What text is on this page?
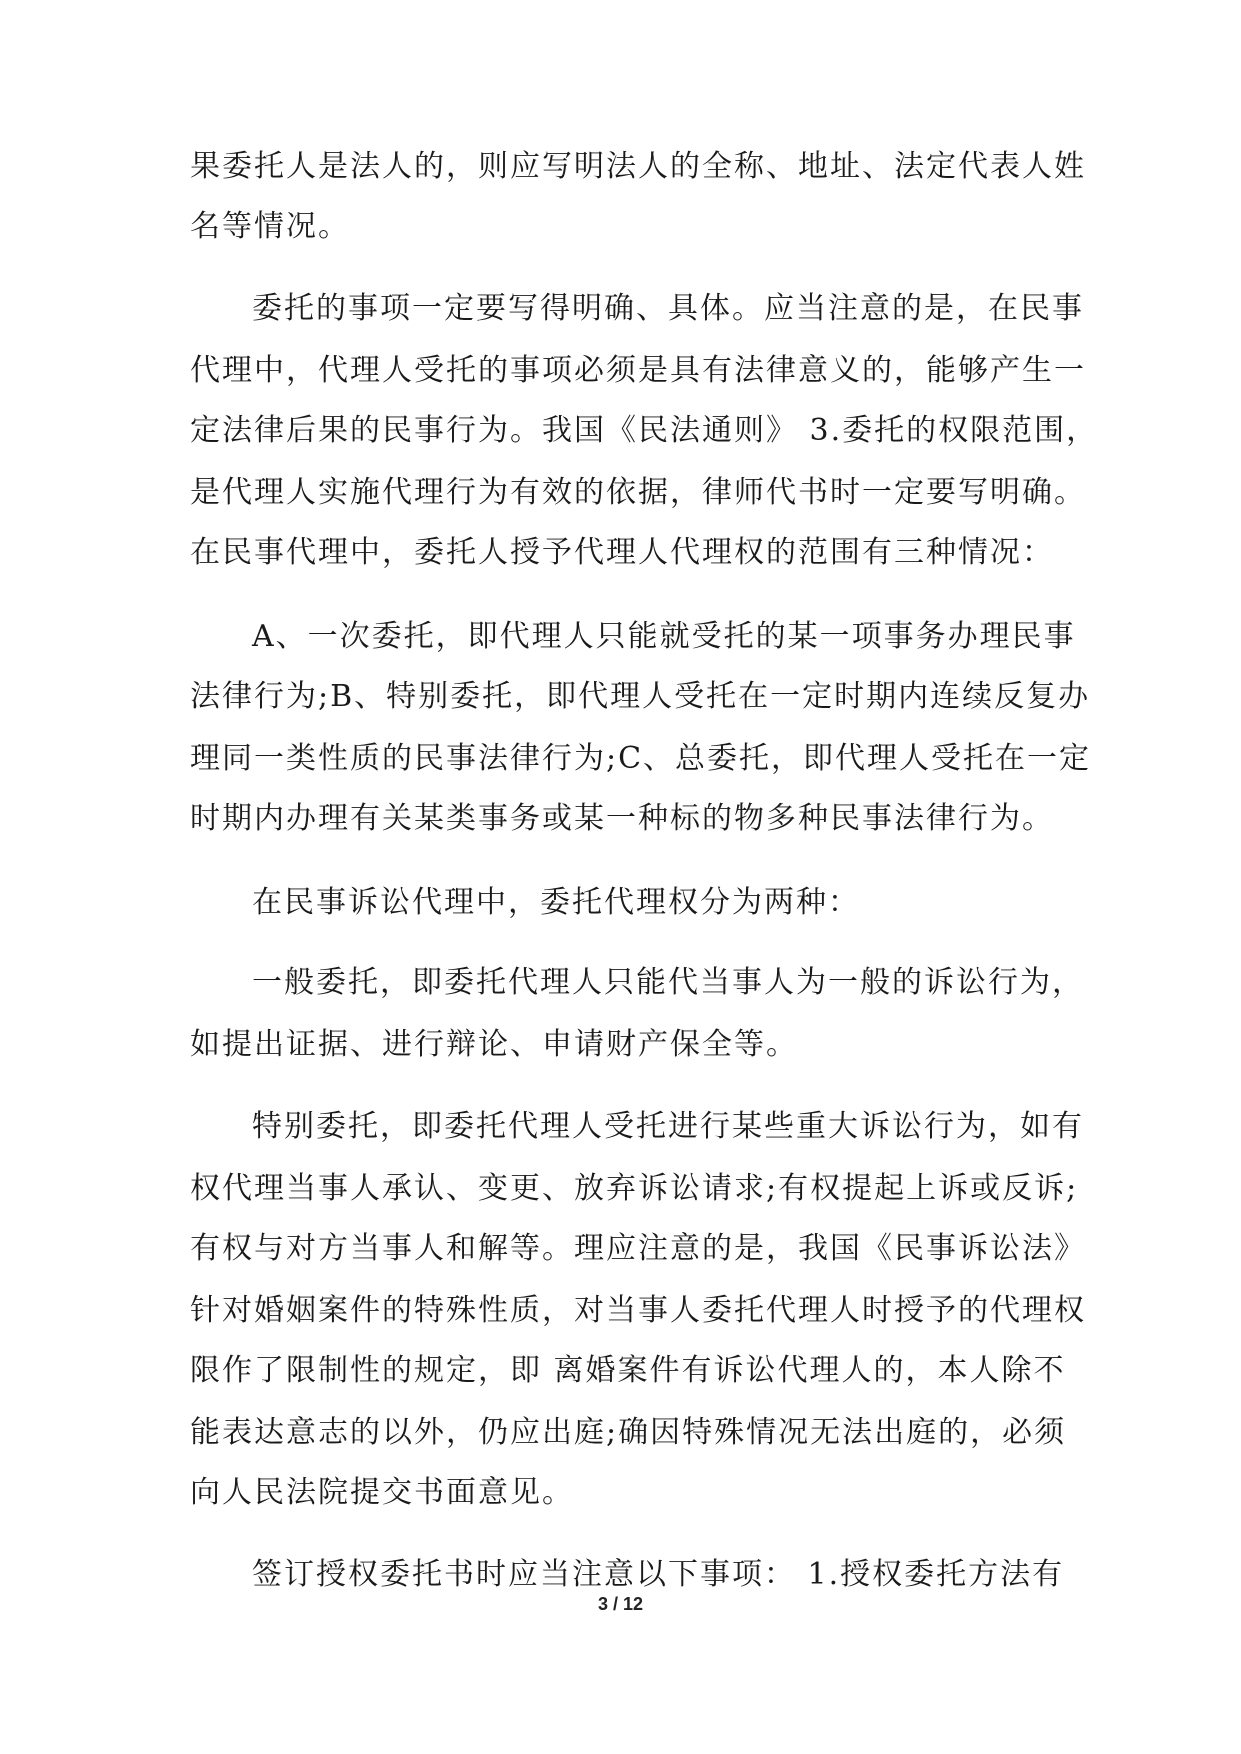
果委托人是法人的，则应写明法人的全称、地址、法定代表人姓
名等情况。
委托的事项一定要写得明确、具体。应当注意的是，在民事
代理中，代理人受托的事项必须是具有法律意义的，能够产生一
定法律后果的民事行为。我国《民法通则》 3.委托的权限范围，
是代理人实施代理行为有效的依据，律师代书时一定要写明确。
在民事代理中，委托人授予代理人代理权的范围有三种情况：
A、一次委托，即代理人只能就受托的某一项事务办理民事
法律行为;B、特别委托，即代理人受托在一定时期内连续反复办
理同一类性质的民事法律行为;C、总委托，即代理人受托在一定
时期内办理有关某类事务或某一种标的物多种民事法律行为。
在民事诉讼代理中，委托代理权分为两种：
一般委托，即委托代理人只能代当事人为一般的诉讼行为，
如提出证据、进行辩论、申请财产保全等。
特别委托，即委托代理人受托进行某些重大诉讼行为，如有
权代理当事人承认、变更、放弃诉讼请求;有权提起上诉或反诉;
有权与对方当事人和解等。理应注意的是，我国《民事诉讼法》
针对婚姻案件的特殊性质，对当事人委托代理人时授予的代理权
限作了限制性的规定，即 离婚案件有诉讼代理人的，本人除不
能表达意志的以外，仍应出庭;确因特殊情况无法出庭的，必须
向人民法院提交书面意见。
签订授权委托书时应当注意以下事项： 1.授权委托方法有
3 / 12
